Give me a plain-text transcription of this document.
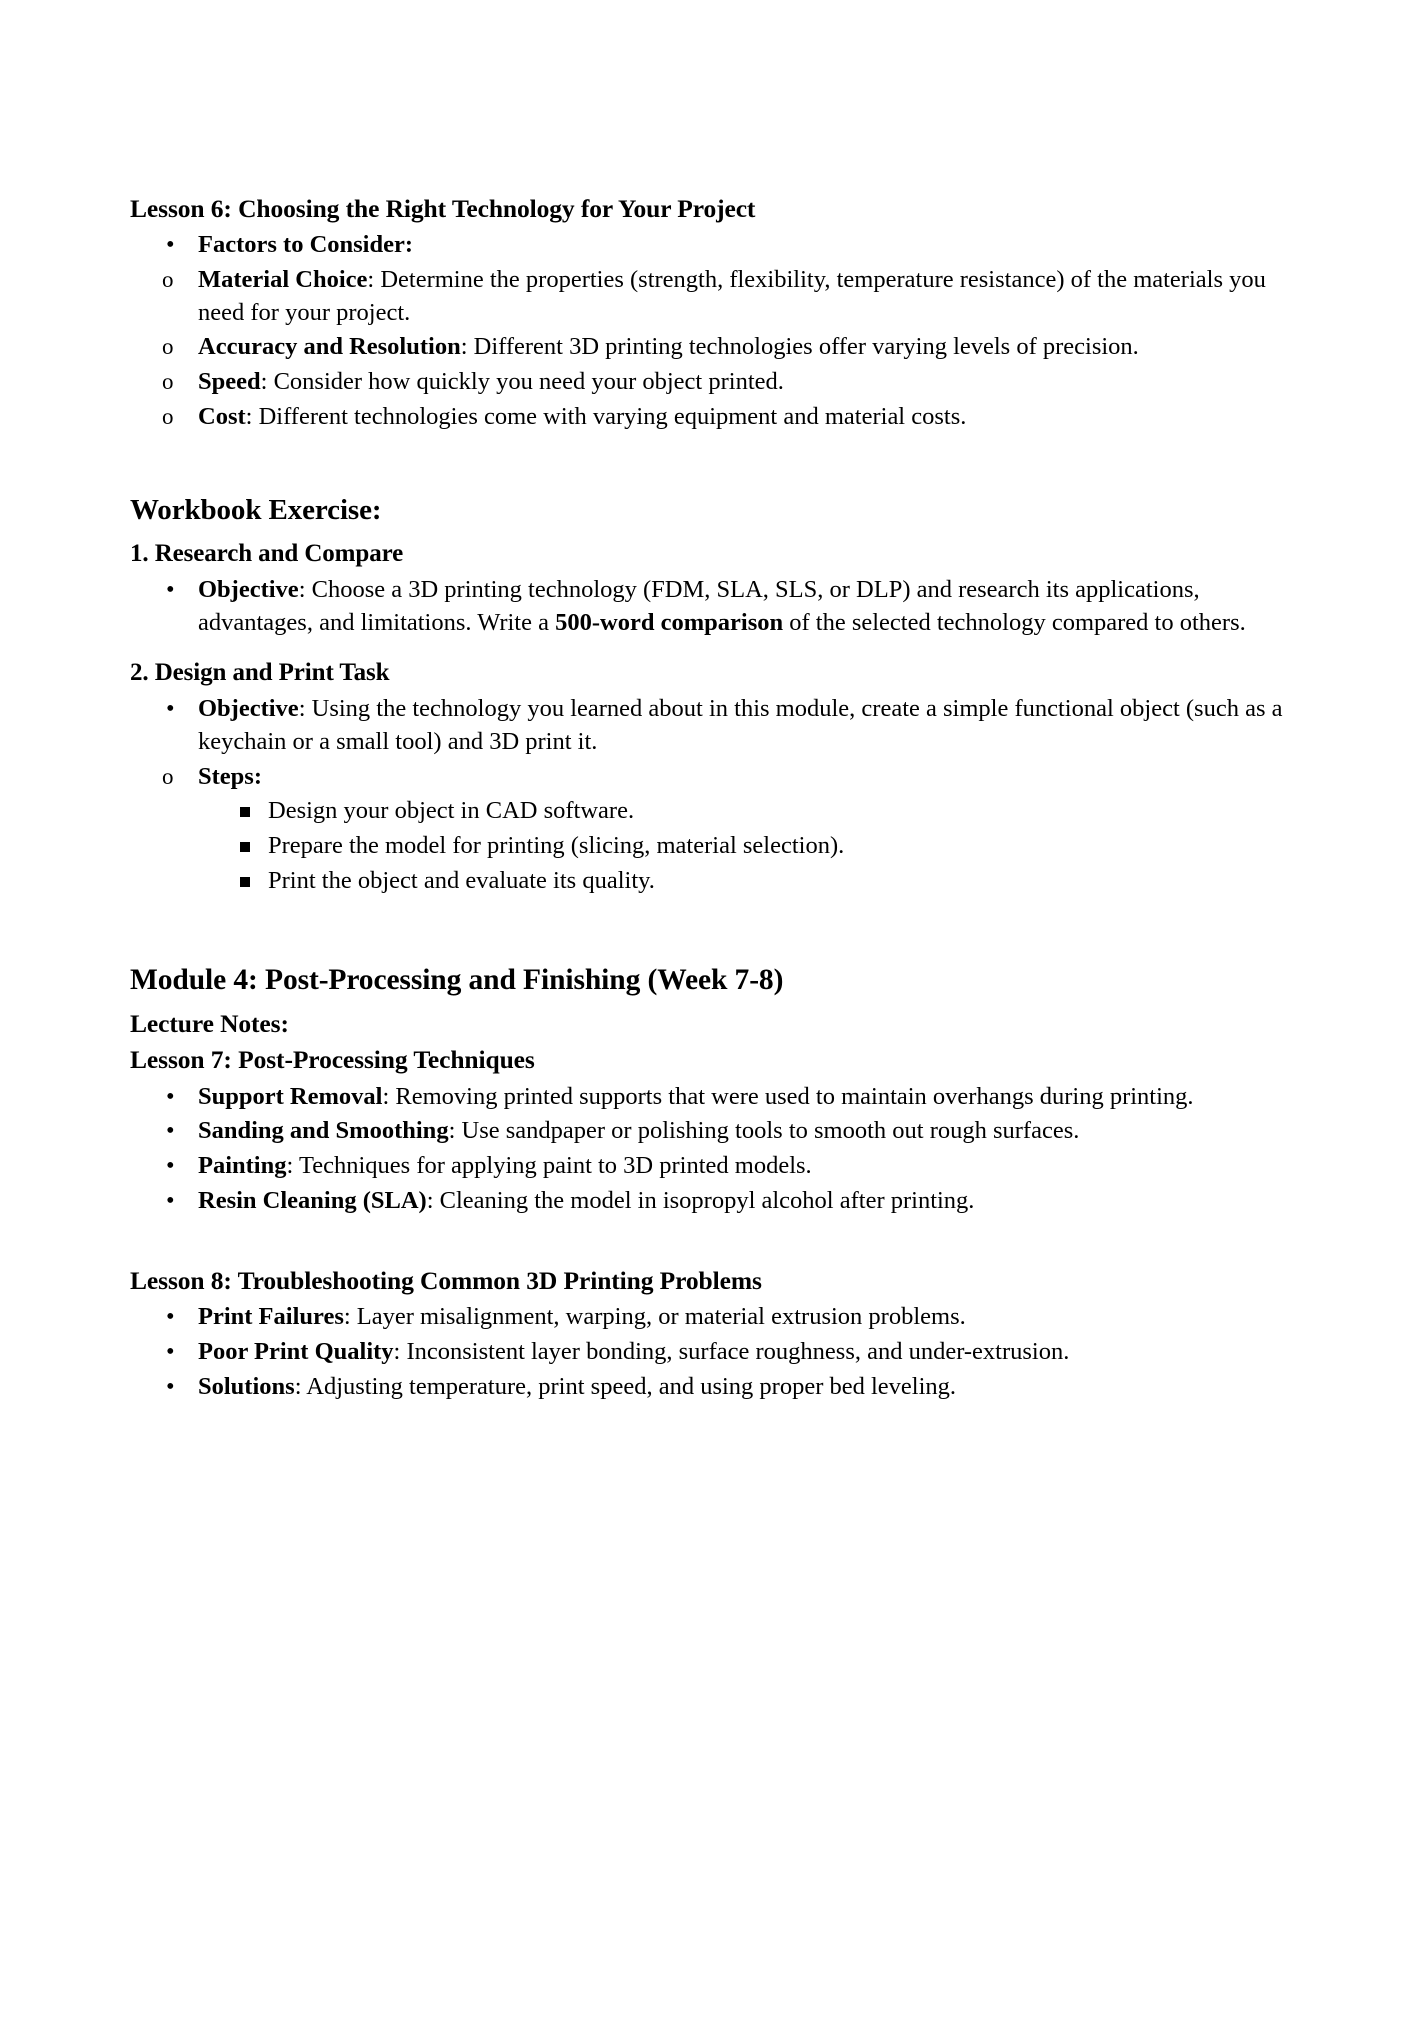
Lesson 6: Choosing the Right Technology for Your Project
• Factors to Consider:
o	Material Choice: Determine the properties (strength, flexibility, temperature resistance) of the materials you need for your project.
o	Accuracy and Resolution: Different 3D printing technologies offer varying levels of precision.
o	Speed: Consider how quickly you need your object printed.
o	Cost: Different technologies come with varying equipment and material costs.
Workbook Exercise:
1. Research and Compare
• Objective: Choose a 3D printing technology (FDM, SLA, SLS, or DLP) and research its applications, advantages, and limitations. Write a 500-word comparison of the selected technology compared to others.
2. Design and Print Task
• Objective: Using the technology you learned about in this module, create a simple functional object (such as a keychain or a small tool) and 3D print it.
o	Steps:
Design your object in CAD software.
Prepare the model for printing (slicing, material selection).
Print the object and evaluate its quality.
Module 4: Post-Processing and Finishing (Week 7-8)
Lecture Notes:
Lesson 7: Post-Processing Techniques
• Support Removal: Removing printed supports that were used to maintain overhangs during printing.
• Sanding and Smoothing: Use sandpaper or polishing tools to smooth out rough surfaces.
• Painting: Techniques for applying paint to 3D printed models.
• Resin Cleaning (SLA): Cleaning the model in isopropyl alcohol after printing.
Lesson 8: Troubleshooting Common 3D Printing Problems
• Print Failures: Layer misalignment, warping, or material extrusion problems.
• Poor Print Quality: Inconsistent layer bonding, surface roughness, and under-extrusion.
• Solutions: Adjusting temperature, print speed, and using proper bed leveling.
